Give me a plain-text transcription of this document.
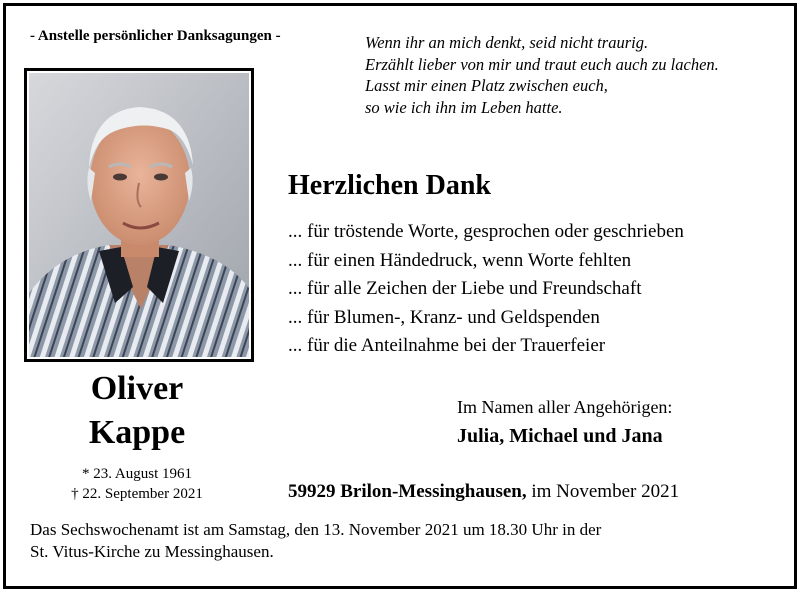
- Anstelle persönlicher Danksagungen -	Wenn ihr an mich denkt, seid nicht traurig.
Erzählt lieber von mir und traut euch auch zu lachen.
Lasst mir einen Platz zwischen euch,
so wie ich ihn im Leben hatte.
Oliver
Kappe
* 23. August 1961
† 22. September 2021
Herzlichen Dank
... für tröstende Worte, gesprochen oder geschrieben
... für einen Händedruck, wenn Worte fehlten
... für alle Zeichen der Liebe und Freundschaft
... für Blumen-, Kranz- und Geldspenden
... für die Anteilnahme bei der Trauerfeier
Im Namen aller Angehörigen:
Julia, Michael und Jana
59929 Brilon-Messinghausen, im November 2021
Das Sechswochenamt ist am Samstag, den 13. November 2021 um 18.30 Uhr in der
St. Vitus-Kirche zu Messinghausen.
